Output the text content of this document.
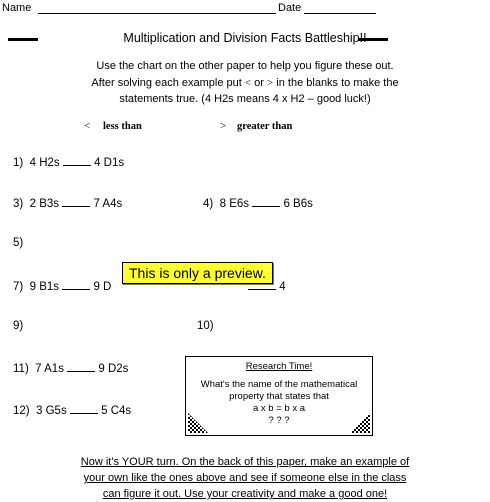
Name	Date
Multiplication and Division Facts Battleship!!
Use the chart on the other paper to help you figure these out.
After solving each example put < or > in the blanks to make the
statements true. (4 H2s means 4 x H2 – good luck!)
< less than	> greater than
1) 4 H2s	4 D1s
3) 2 B3s	7 A4s	4) 8 E6s	6 B6s
5)
7) 9 B1s	9 D	4
9)	10)
11) 7 A1s	9 D2s
12) 3 G5s	5 C4s
Research Time!
What's the name of the mathematical
property that states that
a x b = b x a
? ? ?
Now it's YOUR turn. On the back of this paper, make an example of
your own like the ones above and see if someone else in the class
can figure it out. Use your creativity and make a good one!
This is only a preview.
